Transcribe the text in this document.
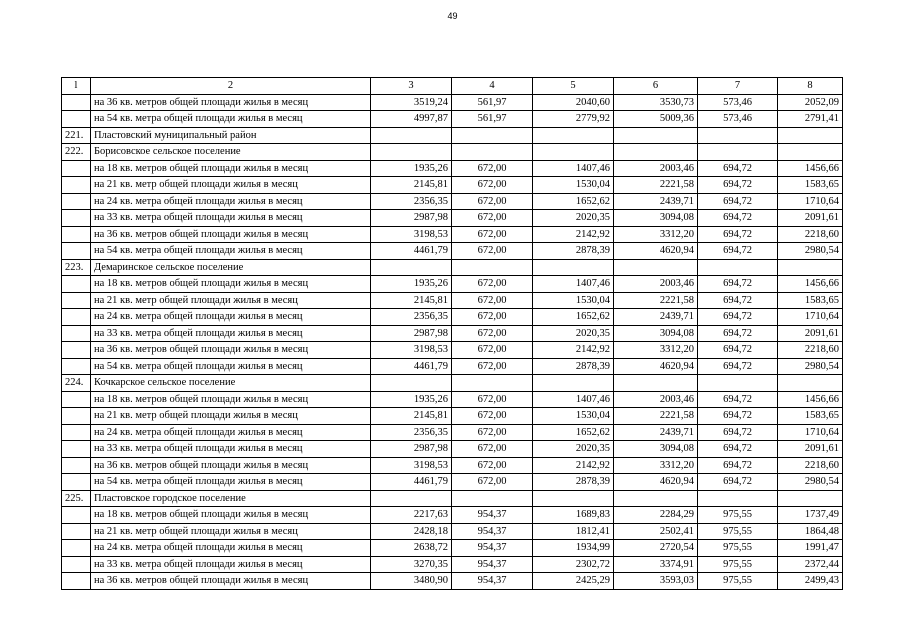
49
l	2	3	4	5	6	7	8
	на 36 кв. метров общей площади жилья в месяц	3519,24	561,97	2040,60	3530,73	573,46	2052,09
	на 54 кв. метра общей площади жилья в месяц	4997,87	561,97	2779,92	5009,36	573,46	2791,41
221.	Пластовский муниципальный район						
222.	Борисовское сельское поселение						
	на 18 кв. метров общей площади жилья в месяц	1935,26	672,00	1407,46	2003,46	694,72	1456,66
	на 21 кв. метр общей площади жилья в месяц	2145,81	672,00	1530,04	2221,58	694,72	1583,65
	на 24 кв. метра общей площади жилья в месяц	2356,35	672,00	1652,62	2439,71	694,72	1710,64
	на 33 кв. метра общей площади жилья в месяц	2987,98	672,00	2020,35	3094,08	694,72	2091,61
	на 36 кв. метров общей площади жилья в месяц	3198,53	672,00	2142,92	3312,20	694,72	2218,60
	на 54 кв. метра общей площади жилья в месяц	4461,79	672,00	2878,39	4620,94	694,72	2980,54
223.	Демаринское сельское поселение						
	на 18 кв. метров общей площади жилья в месяц	1935,26	672,00	1407,46	2003,46	694,72	1456,66
	на 21 кв. метр общей площади жилья в месяц	2145,81	672,00	1530,04	2221,58	694,72	1583,65
	на 24 кв. метра общей площади жилья в месяц	2356,35	672,00	1652,62	2439,71	694,72	1710,64
	на 33 кв. метра общей площади жилья в месяц	2987,98	672,00	2020,35	3094,08	694,72	2091,61
	на 36 кв. метров общей площади жилья в месяц	3198,53	672,00	2142,92	3312,20	694,72	2218,60
	на 54 кв. метра общей площади жилья в месяц	4461,79	672,00	2878,39	4620,94	694,72	2980,54
224.	Кочкарское сельское поселение						
	на 18 кв. метров общей площади жилья в месяц	1935,26	672,00	1407,46	2003,46	694,72	1456,66
	на 21 кв. метр общей площади жилья в месяц	2145,81	672,00	1530,04	2221,58	694,72	1583,65
	на 24 кв. метра общей площади жилья в месяц	2356,35	672,00	1652,62	2439,71	694,72	1710,64
	на 33 кв. метра общей площади жилья в месяц	2987,98	672,00	2020,35	3094,08	694,72	2091,61
	на 36 кв. метров общей площади жилья в месяц	3198,53	672,00	2142,92	3312,20	694,72	2218,60
	на 54 кв. метра общей площади жилья в месяц	4461,79	672,00	2878,39	4620,94	694,72	2980,54
225.	Пластовское городское поселение						
	на 18 кв. метров общей площади жилья в месяц	2217,63	954,37	1689,83	2284,29	975,55	1737,49
	на 21 кв. метр общей площади жилья в месяц	2428,18	954,37	1812,41	2502,41	975,55	1864,48
	на 24 кв. метра общей площади жилья в месяц	2638,72	954,37	1934,99	2720,54	975,55	1991,47
	на 33 кв. метра общей площади жилья в месяц	3270,35	954,37	2302,72	3374,91	975,55	2372,44
	на 36 кв. метров общей площади жилья в месяц	3480,90	954,37	2425,29	3593,03	975,55	2499,43
